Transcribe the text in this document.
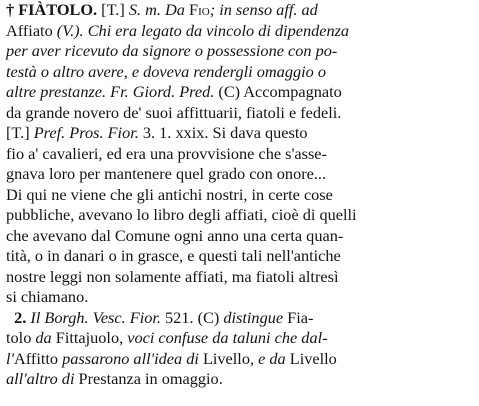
† FIÀTOLO. [T.] S. m. Da Fio; in senso aff. ad
Affiato (V.). Chi era legato da vincolo di dipendenza
per aver ricevuto da signore o possessione con po-
testà o altro avere, e doveva rendergli omaggio o
altre prestanze. Fr. Giord. Pred. (C) Accompagnato
da grande novero de' suoi affittuarii, fiatoli e fedeli.
[T.] Pref. Pros. Fior. 3. 1. xxix. Si dava questo
fio a' cavalieri, ed era una provvisione che s'asse-
gnava loro per mantenere quel grado con onore...
Di qui ne viene che gli antichi nostri, in certe cose
pubbliche, avevano lo libro degli affiati, cioè di quelli
che avevano dal Comune ogni anno una certa quan-
tità, o in danari o in grasce, e questi tali nell'antiche
nostre leggi non solamente affiati, ma fiatoli altresì
si chiamano.
2. Il Borgh. Vesc. Fior. 521. (C) distingue Fia-
tolo da Fittajuolo, voci confuse da taluni che dal-
l'Affitto passarono all'idea di Livello, e da Livello
all'altro di Prestanza in omaggio.
